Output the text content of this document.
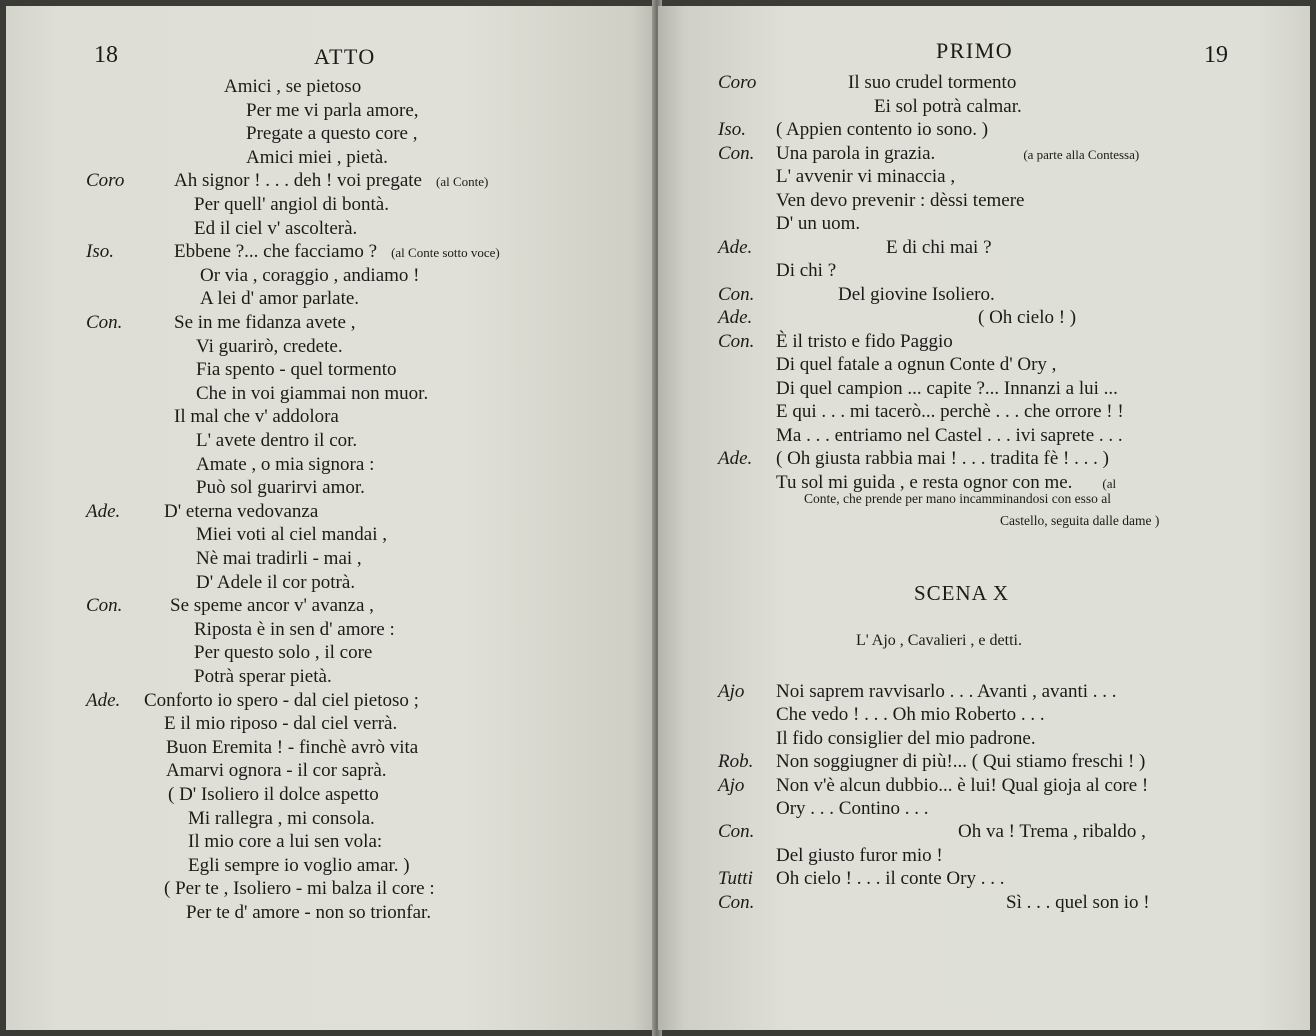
18	ATTO
Amici , se pietoso
Per me vi parla amore,
Pregate a questo core ,
Amici miei , pietà.
Coro	Ah signor ! . . . deh ! voi pregate (al Conte)
Per quell' angiol di bontà.
Ed il ciel v' ascolterà.
Iso.	Ebbene ?... che facciamo ? (al Conte sotto voce)
Or via , coraggio , andiamo !
A lei d' amor parlate.
Con.	Se in me fidanza avete ,
Vi guarirò, credete.
Fia spento - quel tormento
Che in voi giammai non muor.
Il mal che v' addolora
L' avete dentro il cor.
Amate , o mia signora :
Può sol guarirvi amor.
Ade. D' eterna vedovanza
Miei voti al ciel mandai ,
Nè mai tradirli - mai ,
D' Adele il cor potrà.
Con.	Se speme ancor v' avanza ,
Riposta è in sen d' amore :
Per questo solo , il core
Potrà sperar pietà.
Ade. Conforto io spero - dal ciel pietoso ;
E il mio riposo - dal ciel verrà.
Buon Eremita ! - finchè avrò vita
Amarvi ognora - il cor saprà.
( D' Isoliero il dolce aspetto
Mi rallegra , mi consola.
Il mio core a lui sen vola:
Egli sempre io voglio amar. )
( Per te , Isoliero - mi balza il core :
Per te d' amore - non so trionfar.
PRIMO	19
Coro	Il suo crudel tormento
Ei sol potrà calmar.
Iso. ( Appien contento io sono. )
Con. Una parola in grazia.	(a parte alla Contessa)
L' avvenir vi minaccia ,
Ven devo prevenir : dèssi temere
D' un uom.
Ade.	E di chi mai ?
Di chi ?
Con.	Del giovine Isoliero.
Ade.	( Oh cielo ! )
Con. È il tristo e fido Paggio
Di quel fatale a ognun Conte d' Ory ,
Di quel campion ... capite ?... Innanzi a lui ...
E qui . . . mi tacerò... perchè . . . che orrore ! !
Ma . . . entriamo nel Castel . . . ivi saprete . . .
Ade. ( Oh giusta rabbia mai ! . . . tradita fè ! . . . )
Tu sol mi guida , e resta ognor con me. (al
Conte, che prende per mano incamminandosi con esso al
Castello, seguita dalle dame )
SCENA X
L' Ajo , Cavalieri , e detti.
Ajo Noi saprem ravvisarlo . . . Avanti , avanti . . .
Che vedo ! . . . Oh mio Roberto . . .
Il fido consiglier del mio padrone.
Rob. Non soggiugner di più!... ( Qui stiamo freschi ! )
Ajo Non v'è alcun dubbio... è lui! Qual gioja al core !
Ory . . . Contino . . .
Con.	Oh va ! Trema , ribaldo ,
Del giusto furor mio !
Tutti Oh cielo ! . . . il conte Ory . . .
Con.	Sì . . . quel son io !
